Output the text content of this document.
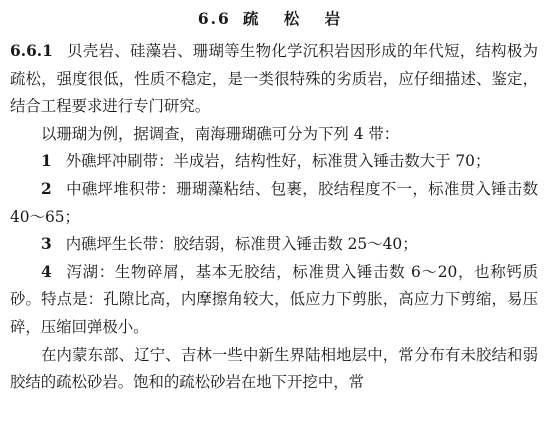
6.6 疏 松 岩

6.6.1 贝壳岩、硅藻岩、珊瑚等生物化学沉积岩因形成的年代短，结构极为疏松，强度很低，性质不稳定，是一类很特殊的劣质岩，应仔细描述、鉴定，结合工程要求进行专门研究。

以珊瑚为例，据调查，南海珊瑚礁可分为下列 4 带：

1 外礁坪冲刷带：半成岩，结构性好，标准贯入锤击数大于 70；

2 中礁坪堆积带：珊瑚藻粘结、包裹，胶结程度不一，标准贯入锤击数 40～65；

3 内礁坪生长带：胶结弱，标准贯入锤击数 25～40；

4 泻湖：生物碎屑，基本无胶结，标准贯入锤击数 6～20，也称钙质砂。特点是：孔隙比高，内摩擦角较大，低应力下剪胀，高应力下剪缩，易压碎，压缩回弹极小。

在内蒙东部、辽宁、吉林一些中新生界陆相地层中，常分布有未胶结和弱胶结的疏松砂岩。饱和的疏松砂岩在地下开挖中，常
